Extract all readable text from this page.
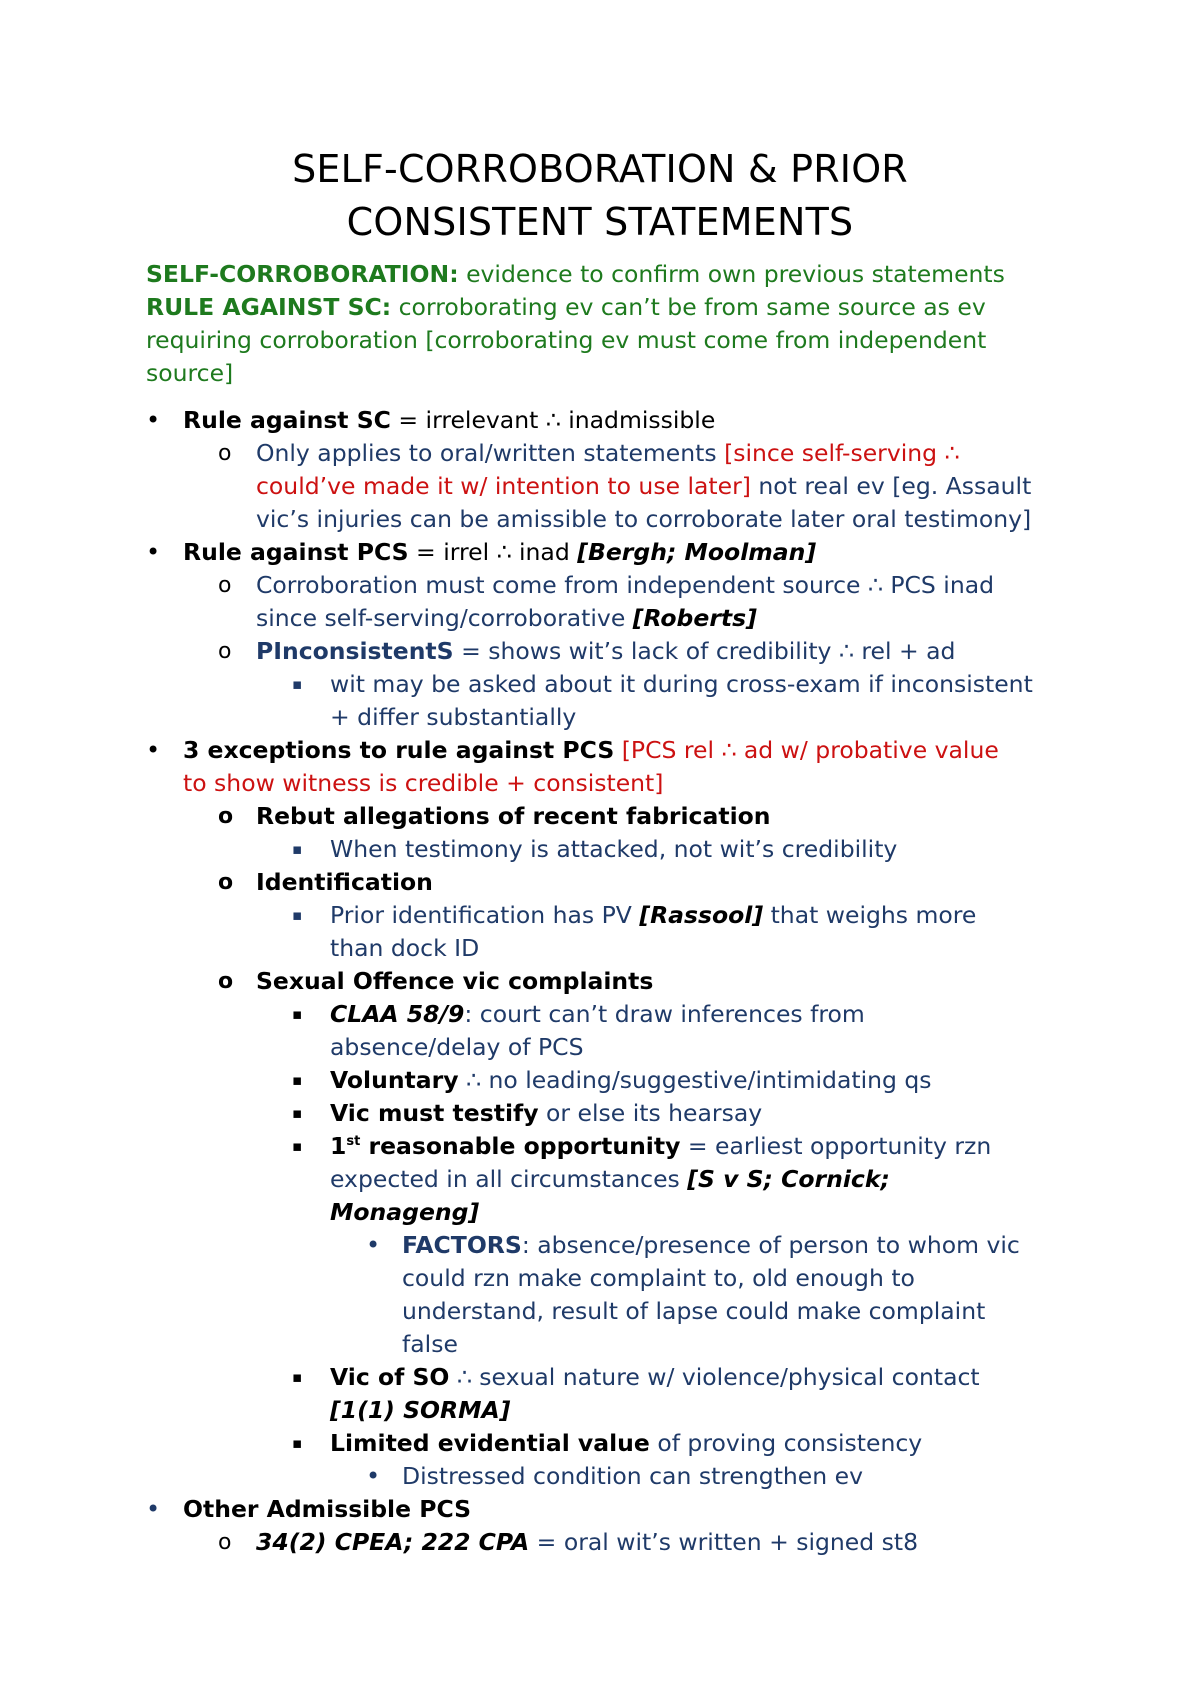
SELF-CORROBORATION & PRIOR
CONSISTENT STATEMENTS
SELF-CORROBORATION: evidence to confirm own previous statements
RULE AGAINST SC: corroborating ev can’t be from same source as ev
requiring corroboration [corroborating ev must come from independent
source]
• Rule against SC = irrelevant ∴ inadmissible
o Only applies to oral/written statements [since self-serving ∴
could’ve made it w/ intention to use later] not real ev [eg. Assault
vic’s injuries can be amissible to corroborate later oral testimony]
• Rule against PCS = irrel ∴ inad [Bergh; Moolman]
o Corroboration must come from independent source ∴ PCS inad
since self-serving/corroborative [Roberts]
o PInconsistentS = shows wit’s lack of credibility ∴ rel + ad
▪ wit may be asked about it during cross-exam if inconsistent
+ differ substantially
• 3 exceptions to rule against PCS [PCS rel ∴ ad w/ probative value
to show witness is credible + consistent]
o Rebut allegations of recent fabrication
▪ When testimony is attacked, not wit’s credibility
o Identification
▪ Prior identification has PV [Rassool] that weighs more
than dock ID
o Sexual Offence vic complaints
▪ CLAA 58/9: court can’t draw inferences from
absence/delay of PCS
▪ Voluntary ∴ no leading/suggestive/intimidating qs
▪ Vic must testify or else its hearsay
▪ 1st reasonable opportunity = earliest opportunity rzn
expected in all circumstances [S v S; Cornick;
Monageng]
• FACTORS: absence/presence of person to whom vic
could rzn make complaint to, old enough to
understand, result of lapse could make complaint
false
▪ Vic of SO ∴ sexual nature w/ violence/physical contact
[1(1) SORMA]
▪ Limited evidential value of proving consistency
• Distressed condition can strengthen ev
• Other Admissible PCS
o 34(2) CPEA; 222 CPA = oral wit’s written + signed st8
